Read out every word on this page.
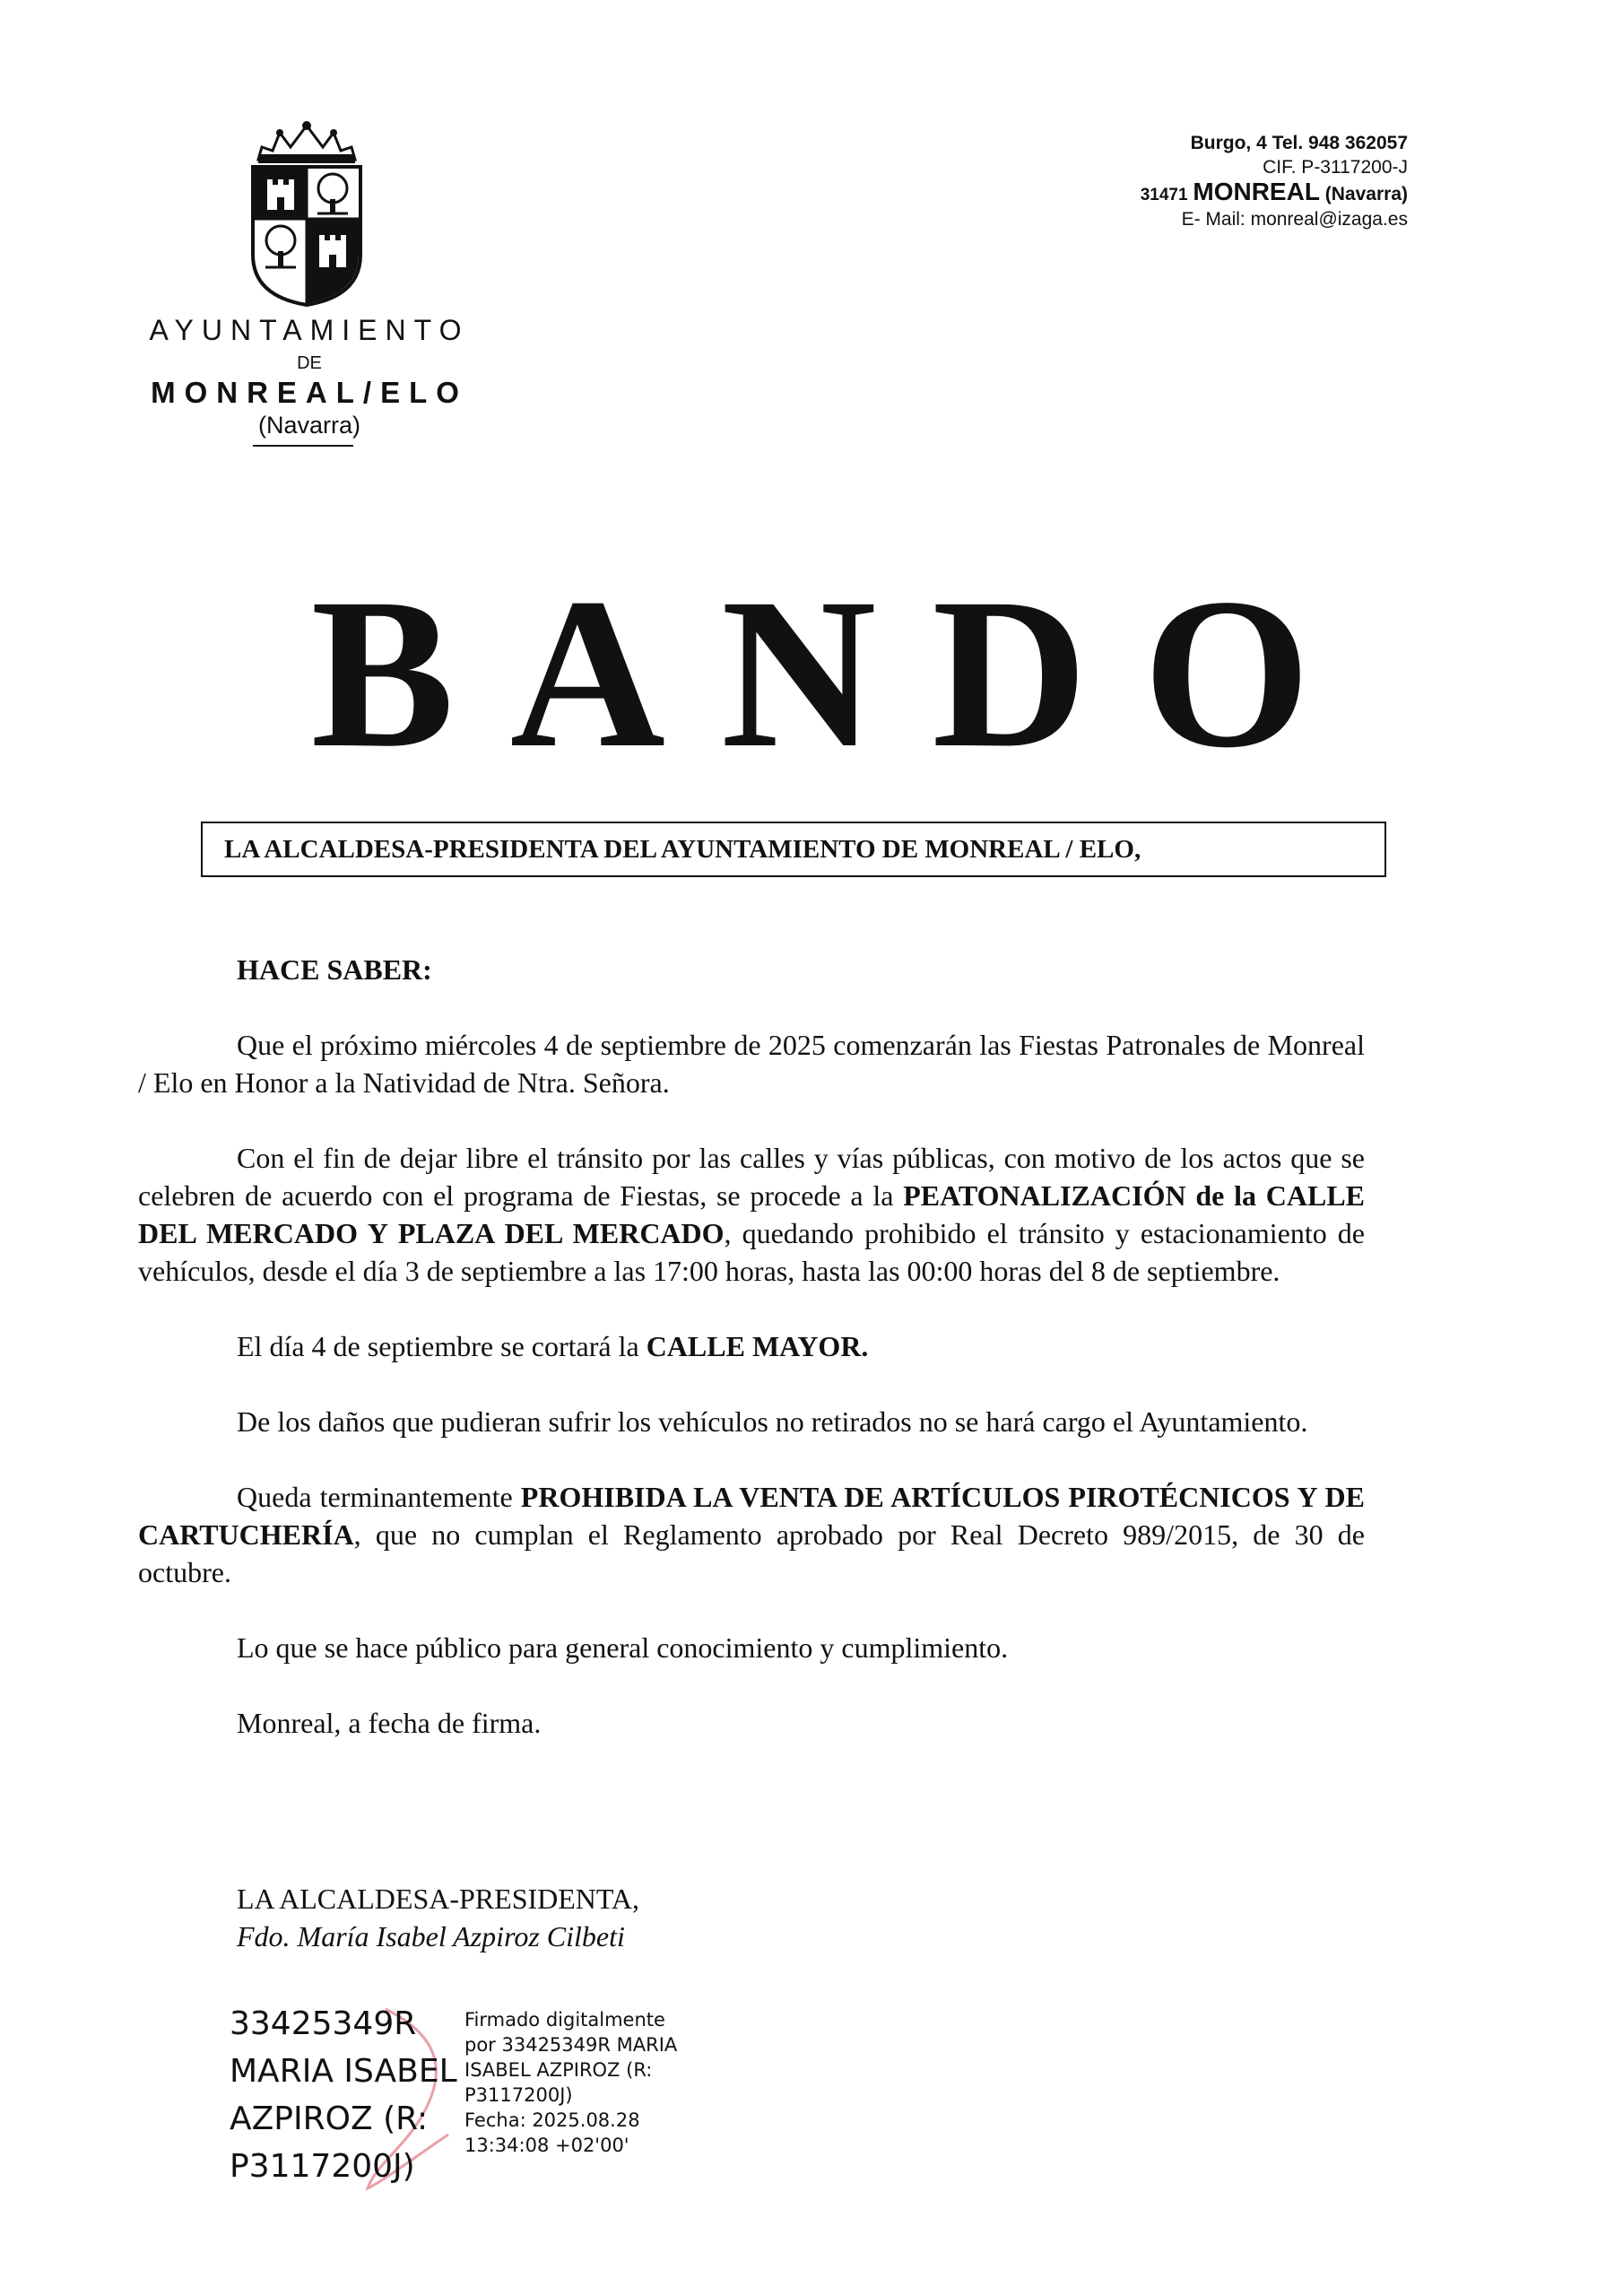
AYUNTAMIENTO
DE
MONREAL/ELO
(Navarra)
Burgo, 4 Tel. 948 362057
CIF. P-3117200-J
31471 MONREAL (Navarra)
E- Mail: monreal@izaga.es
BANDO
LA ALCALDESA-PRESIDENTA DEL AYUNTAMIENTO DE MONREAL / ELO,

HACE SABER:

Que el próximo miércoles 4 de septiembre de 2025 comenzarán las Fiestas Patronales de Monreal / Elo en Honor a la Natividad de Ntra. Señora.

Con el fin de dejar libre el tránsito por las calles y vías públicas, con motivo de los actos que se celebren de acuerdo con el programa de Fiestas, se procede a la PEATONALIZACIÓN de la CALLE DEL MERCADO Y PLAZA DEL MERCADO, quedando prohibido el tránsito y estacionamiento de vehículos, desde el día 3 de septiembre a las 17:00 horas, hasta las 00:00 horas del 8 de septiembre.

El día 4 de septiembre se cortará la CALLE MAYOR.

De los daños que pudieran sufrir los vehículos no retirados no se hará cargo el Ayuntamiento.

Queda terminantemente PROHIBIDA LA VENTA DE ARTÍCULOS PIROTÉCNICOS Y DE CARTUCHERÍA, que no cumplan el Reglamento aprobado por Real Decreto 989/2015, de 30 de octubre.

Lo que se hace público para general conocimiento y cumplimiento.

Monreal, a fecha de firma.

LA ALCALDESA-PRESIDENTA,
Fdo. María Isabel Azpiroz Cilbeti
33425349R
MARIA ISABEL
AZPIROZ (R:
P3117200J)
Firmado digitalmente
por 33425349R MARIA
ISABEL AZPIROZ (R:
P3117200J)
Fecha: 2025.08.28
13:34:08 +02'00'
